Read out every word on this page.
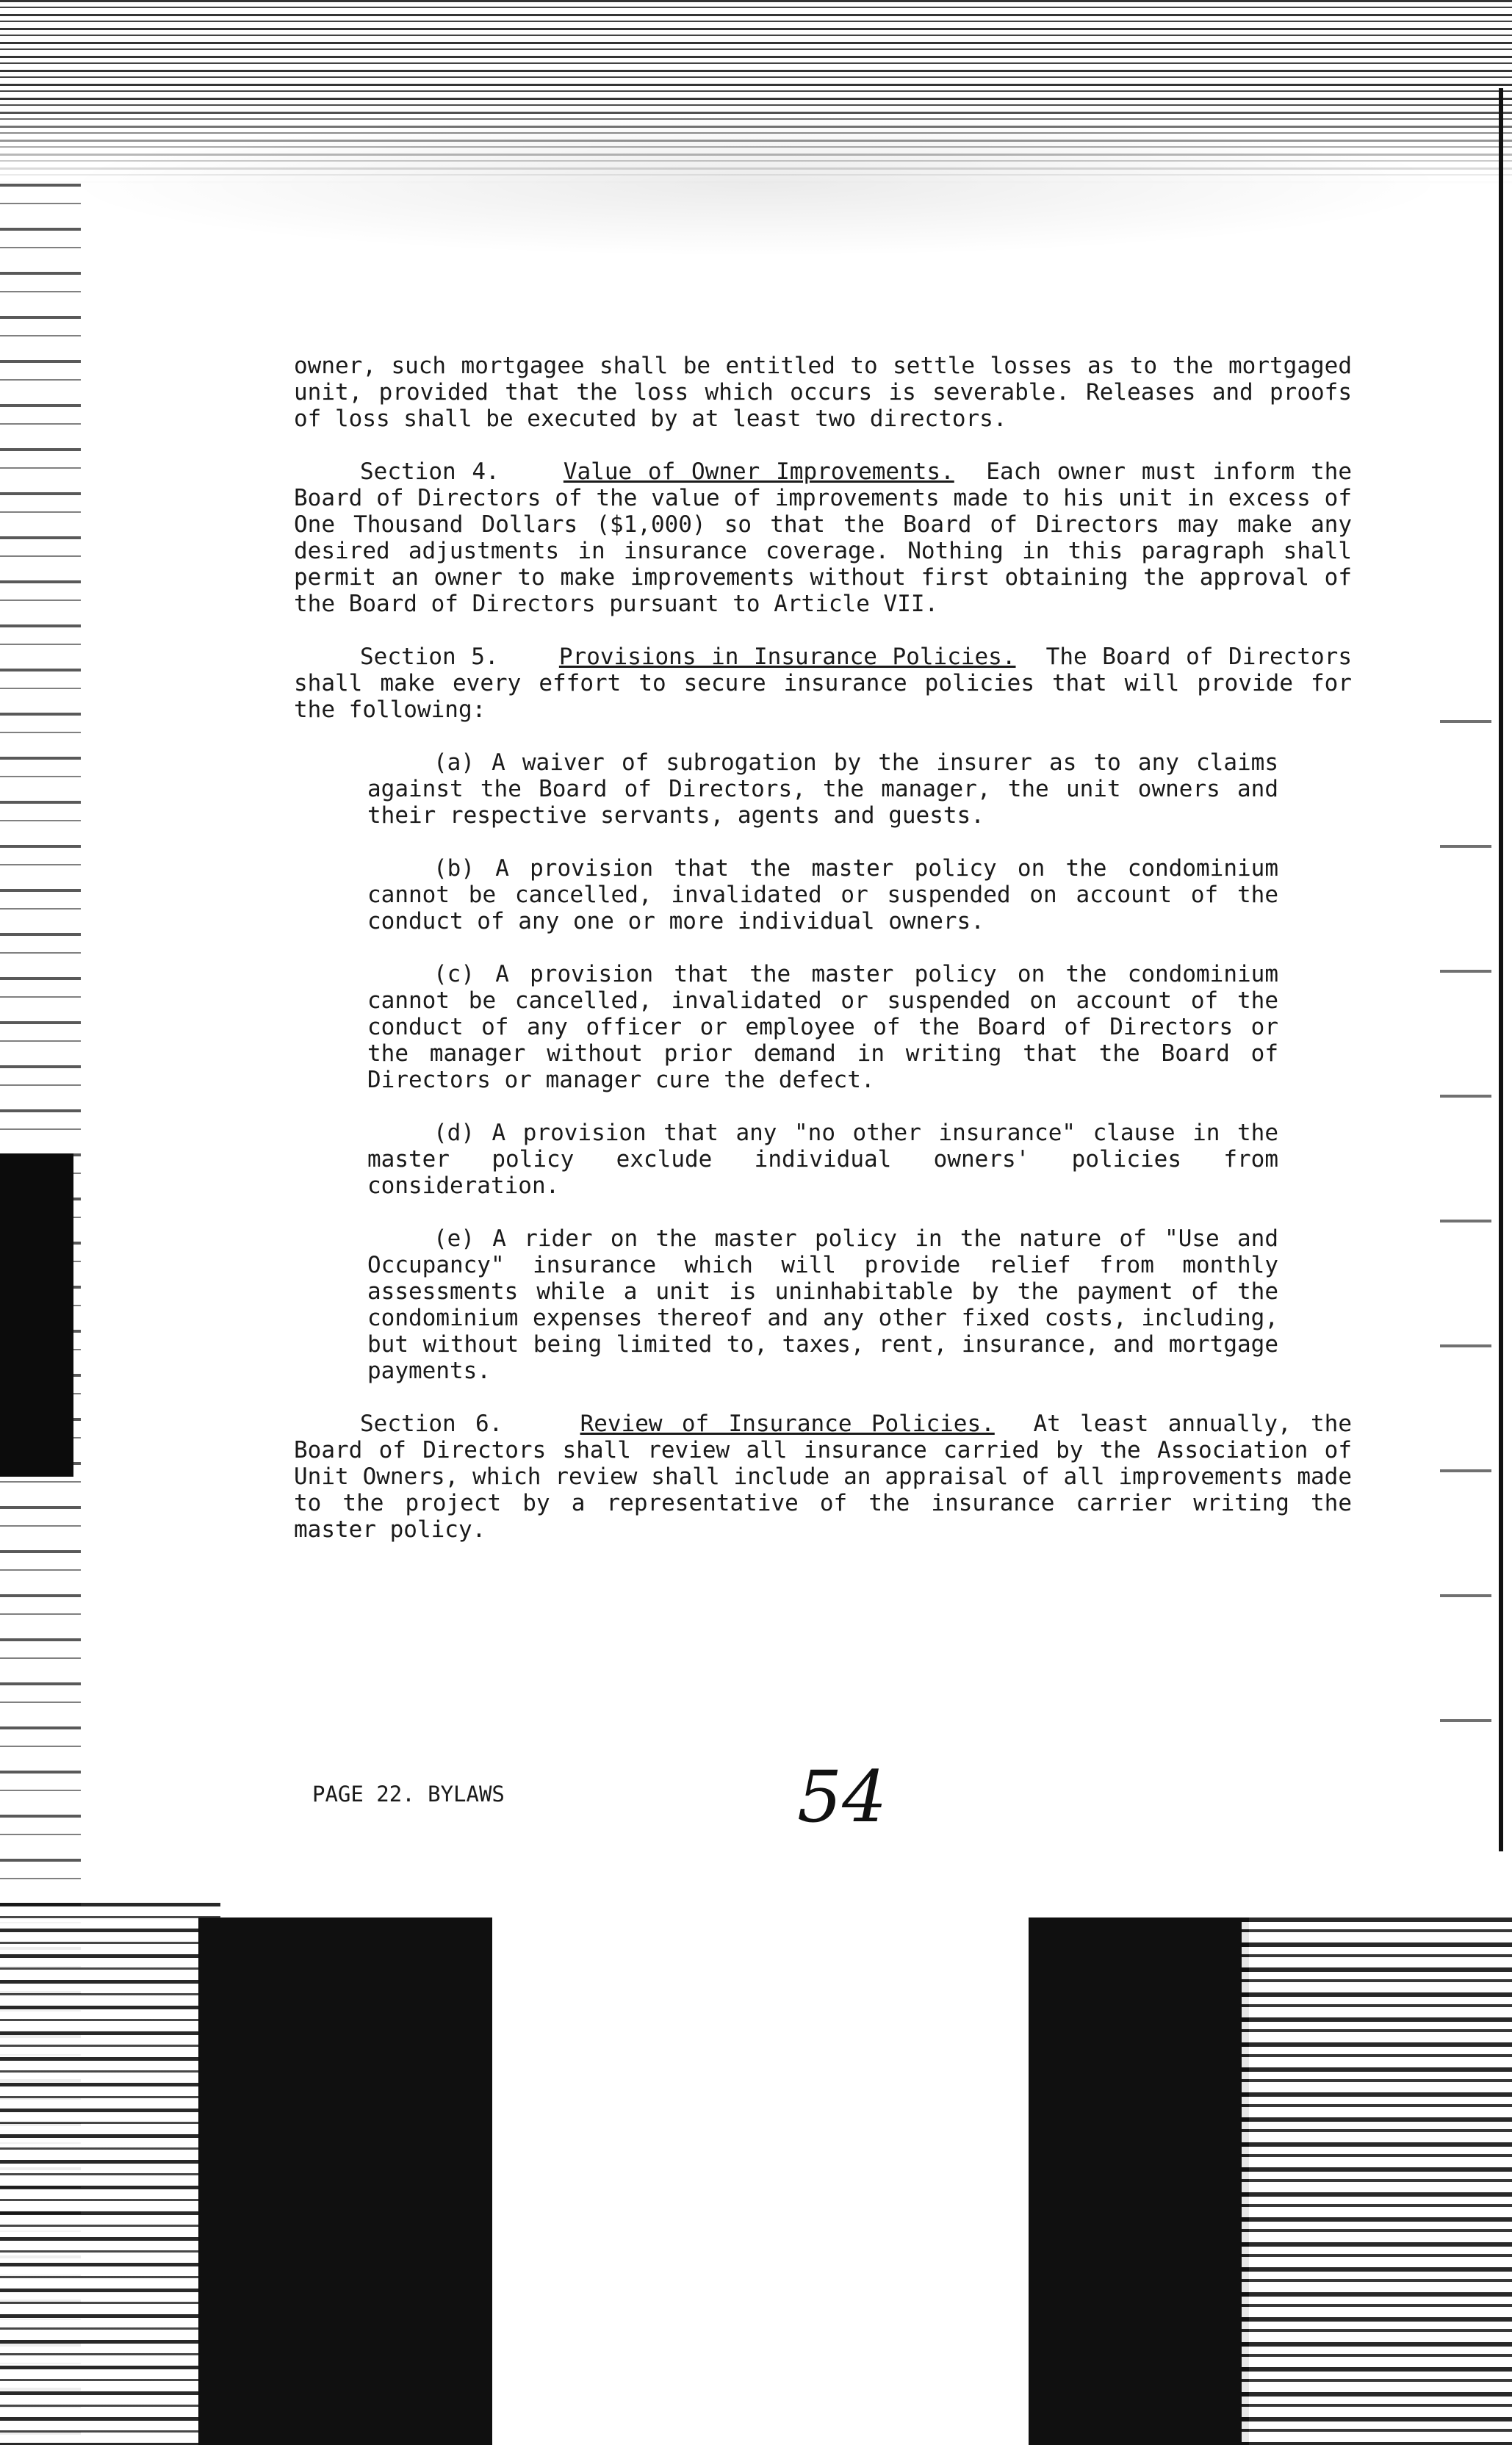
owner, such mortgagee shall be entitled to settle losses as to the mortgaged unit, provided that the loss which occurs is severable. Releases and proofs of loss shall be executed by at least two directors.

Section 4.	Value of Owner Improvements. Each owner must inform the Board of Directors of the value of improvements made to his unit in excess of One Thousand Dollars ($1,000) so that the Board of Directors may make any desired adjustments in insurance coverage. Nothing in this paragraph shall permit an owner to make improvements without first obtaining the approval of the Board of Directors pursuant to Article VII.

Section 5.	Provisions in Insurance Policies. The Board of Directors shall make every effort to secure insurance policies that will provide for the following:

(a) A waiver of subrogation by the insurer as to any claims against the Board of Directors, the manager, the unit owners and their respective servants, agents and guests.

(b) A provision that the master policy on the condominium cannot be cancelled, invalidated or suspended on account of the conduct of any one or more individual owners.

(c) A provision that the master policy on the condominium cannot be cancelled, invalidated or suspended on account of the conduct of any officer or employee of the Board of Directors or the manager without prior demand in writing that the Board of Directors or manager cure the defect.

(d) A provision that any "no other insurance" clause in the master policy exclude individual owners' policies from consideration.

(e) A rider on the master policy in the nature of "Use and Occupancy" insurance which will provide relief from monthly assessments while a unit is uninhabitable by the payment of the condominium expenses thereof and any other fixed costs, including, but without being limited to, taxes, rent, insurance, and mortgage payments.

Section 6.	Review of Insurance Policies. At least annually, the Board of Directors shall review all insurance carried by the Association of Unit Owners, which review shall include an appraisal of all improvements made to the project by a representative of the insurance carrier writing the master policy.

PAGE 22. BYLAWS	54
